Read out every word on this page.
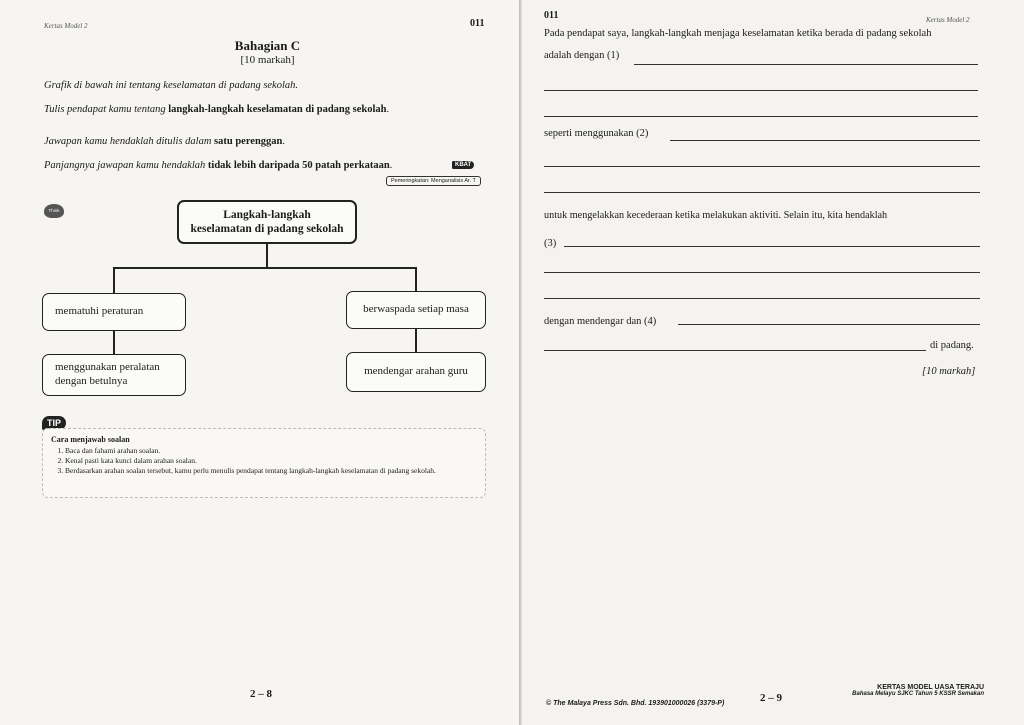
Kertas Model 2	011
Bahagian C
[10 markah]
Grafik di bawah ini tentang keselamatan di padang sekolah.
Tulis pendapat kamu tentang langkah-langkah keselamatan di padang sekolah.
Jawapan kamu hendaklah ditulis dalam satu perenggan.
Panjangnya jawapan kamu hendaklah tidak lebih daripada 50 patah perkataan.	KBAT
Pemeringkatan: Menganalisis Ar. T
Think	Langkah-langkah
keselamatan di padang sekolah
mematuhi peraturan	berwaspada setiap masa
menggunakan peralatan
dengan betulnya
mendengar arahan guru
TIP
Cara menjawab soalan
1. Baca dan fahami arahan soalan.
2. Kenal pasti kata kunci dalam arahan soalan.
3. Berdasarkan arahan soalan tersebut, kamu perlu menulis pendapat tentang langkah-langkah keselamatan di padang sekolah.
2 – 8
011	Kertas Model 2
Pada pendapat saya, langkah-langkah menjaga keselamatan ketika berada di padang sekolah
adalah dengan (1)
seperti menggunakan (2)
untuk mengelakkan kecederaan ketika melakukan aktiviti. Selain itu, kita hendaklah
(3)
dengan mendengar dan (4)
di padang.
[10 markah]
© The Malaya Press Sdn. Bhd. 193901000026 (3379-P)	2 – 9
KERTAS MODEL UASA TERAJU
Bahasa Melayu SJKC Tahun 5 KSSR Semakan
